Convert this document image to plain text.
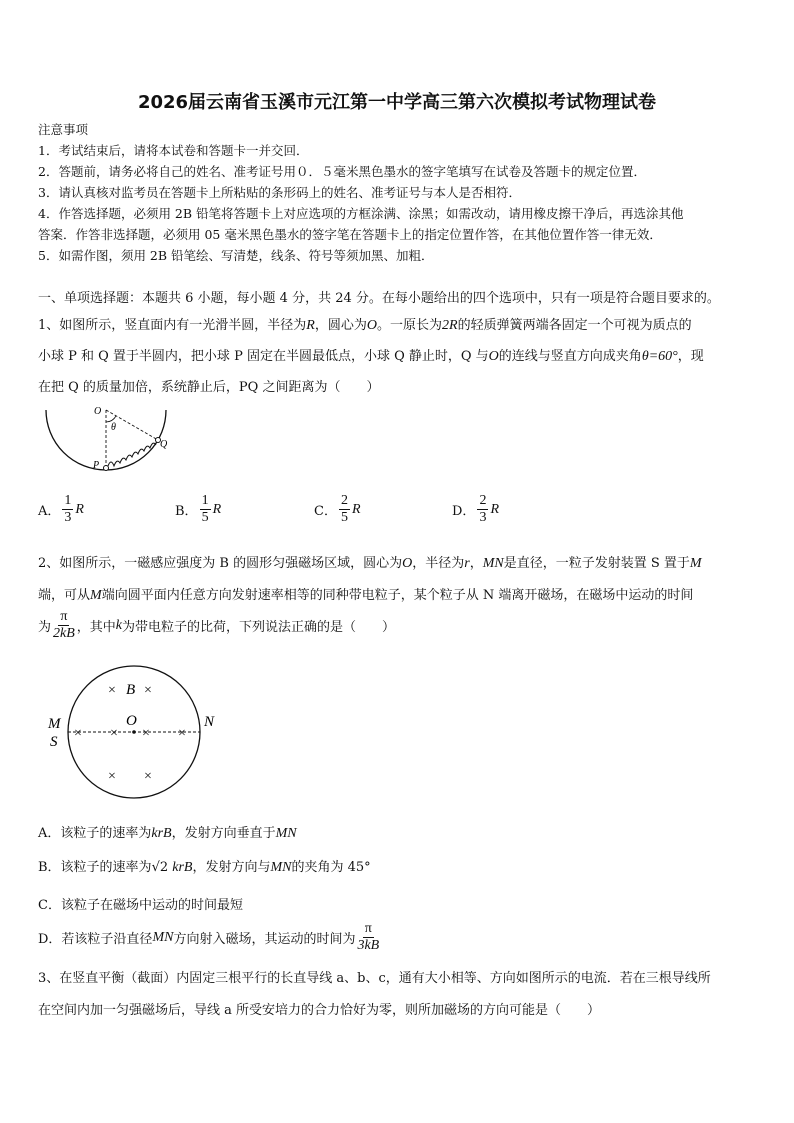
2026届云南省玉溪市元江第一中学高三第六次模拟考试物理试卷
注意事项
1．考试结束后，请将本试卷和答题卡一并交回．
2．答题前，请务必将自己的姓名、准考证号用０．５毫米黑色墨水的签字笔填写在试卷及答题卡的规定位置．
3．请认真核对监考员在答题卡上所粘贴的条形码上的姓名、准考证号与本人是否相符．
4．作答选择题，必须用 2B 铅笔将答题卡上对应选项的方框涂满、涂黑；如需改动，请用橡皮擦干净后，再选涂其他
答案．作答非选择题，必须用 05 毫米黑色墨水的签字笔在答题卡上的指定位置作答，在其他位置作答一律无效．
5．如需作图，须用 2B 铅笔绘、写清楚，线条、符号等须加黑、加粗．
一、单项选择题：本题共 6 小题，每小题 4 分，共 24 分。在每小题给出的四个选项中，只有一项是符合题目要求的。
1、如图所示，竖直面内有一光滑半圆，半径为R，圆心为O。一原长为2R的轻质弹簧两端各固定一个可视为质点的
小球 P 和 Q 置于半圆内，把小球 P 固定在半圆最低点，小球 Q 静止时，Q 与O的连线与竖直方向成夹角θ=60°，现
在把 Q 的质量加倍，系统静止后，PQ 之间距离为（　　）
O
θ
Q
P
A． $\frac{1}{3}$ R	B． $\frac{1}{5}$ R	C． $\frac{2}{5}$ R	D． $\frac{2}{3}$ R
2、如图所示，一磁感应强度为 B 的圆形匀强磁场区域，圆心为O，半径为r，MN是直径，一粒子发射装置 S 置于M
端，可从M端向圆平面内任意方向发射速率相等的同种带电粒子，某个粒子从 N 端离开磁场，在磁场中运动的时间
为 $\frac{\pi}{2kB}$ ，其中 k 为带电粒子的比荷，下列说法正确的是（　　）
× ×
× × × ×
× ×
B
O
M
S
N
A．该粒子的速率为krB，发射方向垂直于MN
B．该粒子的速率为√2 krB，发射方向与MN的夹角为 45°
C．该粒子在磁场中运动的时间最短
D．若该粒子沿直径 MN 方向射入磁场，其运动的时间为 $\frac{\pi}{3kB}$
3、在竖直平衡（截面）内固定三根平行的长直导线 a、b、c，通有大小相等、方向如图所示的电流．若在三根导线所
在空间内加一匀强磁场后，导线 a 所受安培力的合力恰好为零，则所加磁场的方向可能是（　　）
